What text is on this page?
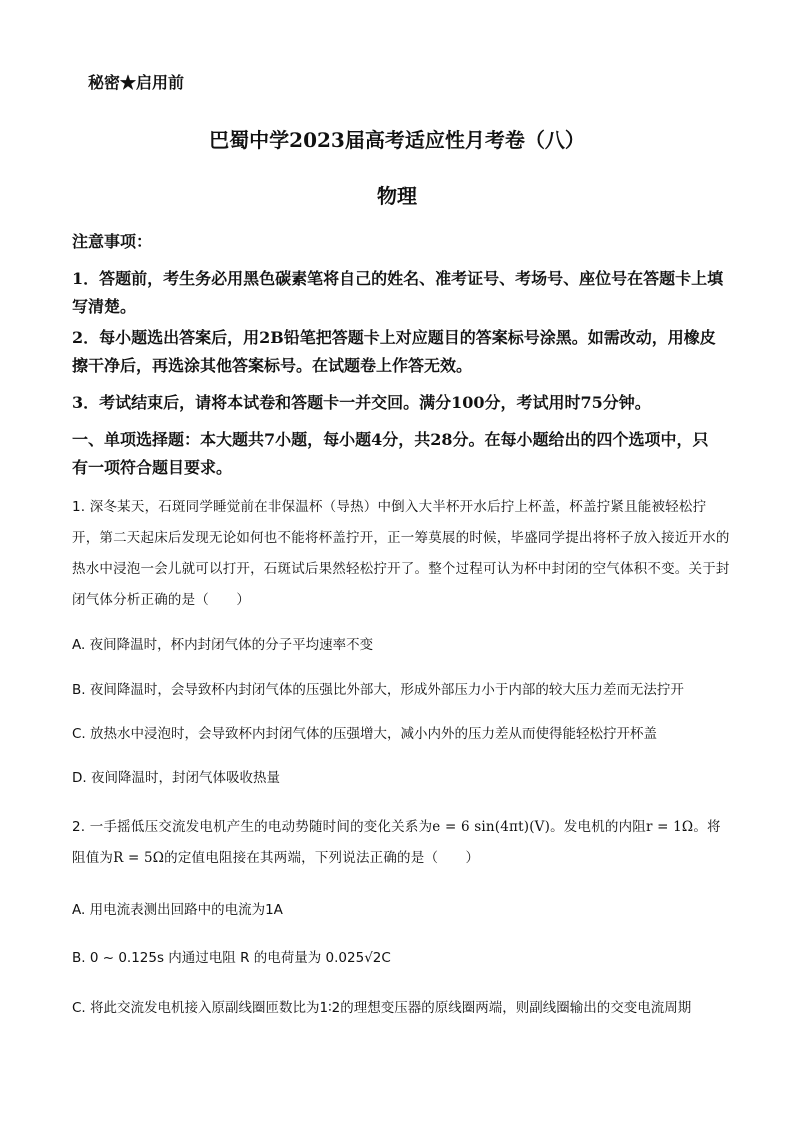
秘密★启用前
巴蜀中学2023届高考适应性月考卷（八）
物理
注意事项：
1．答题前，考生务必用黑色碳素笔将自己的姓名、准考证号、考场号、座位号在答题卡上填写清楚。
2．每小题选出答案后，用2B铅笔把答题卡上对应题目的答案标号涂黑。如需改动，用橡皮擦干净后，再选涂其他答案标号。在试题卷上作答无效。
3．考试结束后，请将本试卷和答题卡一并交回。满分100分，考试用时75分钟。
一、单项选择题：本大题共7小题，每小题4分，共28分。在每小题给出的四个选项中，只有一项符合题目要求。
1. 深冬某天，石斑同学睡觉前在非保温杯（导热）中倒入大半杯开水后拧上杯盖，杯盖拧紧且能被轻松拧开，第二天起床后发现无论如何也不能将杯盖拧开，正一筹莫展的时候，毕盛同学提出将杯子放入接近开水的热水中浸泡一会儿就可以打开，石斑试后果然轻松拧开了。整个过程可认为杯中封闭的空气体积不变。关于封闭气体分析正确的是（　　）
A. 夜间降温时，杯内封闭气体的分子平均速率不变
B. 夜间降温时，会导致杯内封闭气体的压强比外部大，形成外部压力小于内部的较大压力差而无法拧开
C. 放热水中浸泡时，会导致杯内封闭气体的压强增大，减小内外的压力差从而使得能轻松拧开杯盖
D. 夜间降温时，封闭气体吸收热量
2. 一手摇低压交流发电机产生的电动势随时间的变化关系为e = 6 sin(4πt)(V)。发电机的内阻r = 1Ω。将阻值为R = 5Ω的定值电阻接在其两端，下列说法正确的是（　　）
A. 用电流表测出回路中的电流为1A
B. 0 ~ 0.125s 内通过电阻 R 的电荷量为 0.025√2C
C. 将此交流发电机接入原副线圈匝数比为1∶2的理想变压器的原线圈两端，则副线圈输出的交变电流周期
